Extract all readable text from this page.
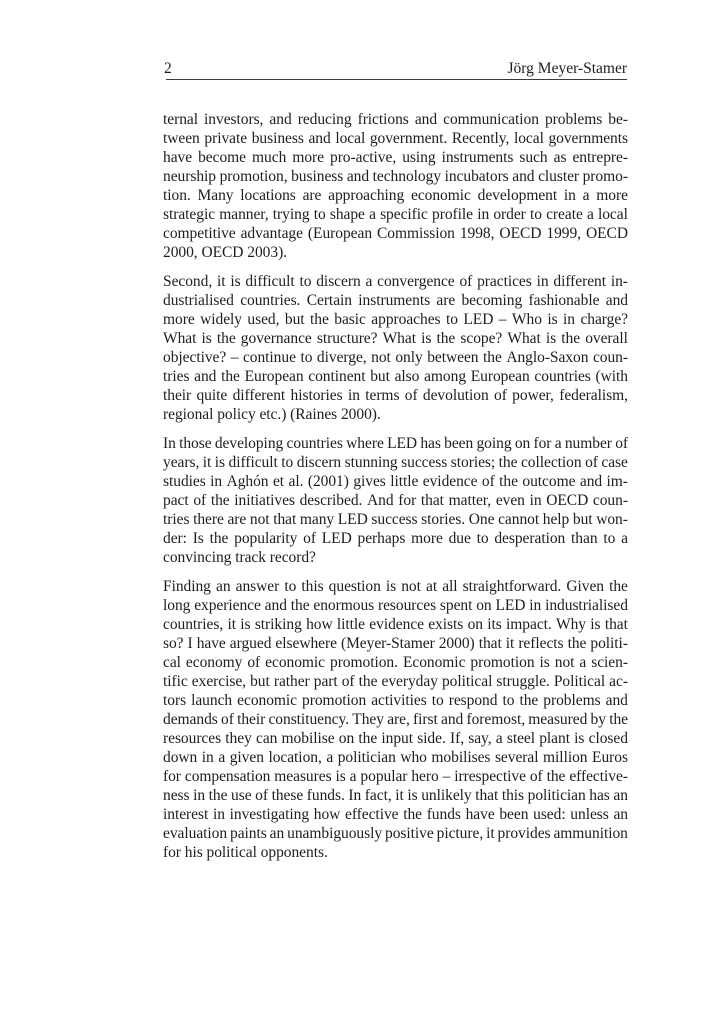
2	Jörg Meyer-Stamer
ternal investors, and reducing frictions and communication problems be-
tween private business and local government. Recently, local governments
have become much more pro-active, using instruments such as entrepre-
neurship promotion, business and technology incubators and cluster promo-
tion. Many locations are approaching economic development in a more
strategic manner, trying to shape a specific profile in order to create a local
competitive advantage (European Commission 1998, OECD 1999, OECD
2000, OECD 2003).
Second, it is difficult to discern a convergence of practices in different in-
dustrialised countries. Certain instruments are becoming fashionable and
more widely used, but the basic approaches to LED – Who is in charge?
What is the governance structure? What is the scope? What is the overall
objective? – continue to diverge, not only between the Anglo-Saxon coun-
tries and the European continent but also among European countries (with
their quite different histories in terms of devolution of power, federalism,
regional policy etc.) (Raines 2000).
In those developing countries where LED has been going on for a number of
years, it is difficult to discern stunning success stories; the collection of case
studies in Aghón et al. (2001) gives little evidence of the outcome and im-
pact of the initiatives described. And for that matter, even in OECD coun-
tries there are not that many LED success stories. One cannot help but won-
der: Is the popularity of LED perhaps more due to desperation than to a
convincing track record?
Finding an answer to this question is not at all straightforward. Given the
long experience and the enormous resources spent on LED in industrialised
countries, it is striking how little evidence exists on its impact. Why is that
so? I have argued elsewhere (Meyer-Stamer 2000) that it reflects the politi-
cal economy of economic promotion. Economic promotion is not a scien-
tific exercise, but rather part of the everyday political struggle. Political ac-
tors launch economic promotion activities to respond to the problems and
demands of their constituency. They are, first and foremost, measured by the
resources they can mobilise on the input side. If, say, a steel plant is closed
down in a given location, a politician who mobilises several million Euros
for compensation measures is a popular hero – irrespective of the effective-
ness in the use of these funds. In fact, it is unlikely that this politician has an
interest in investigating how effective the funds have been used: unless an
evaluation paints an unambiguously positive picture, it provides ammunition
for his political opponents.
